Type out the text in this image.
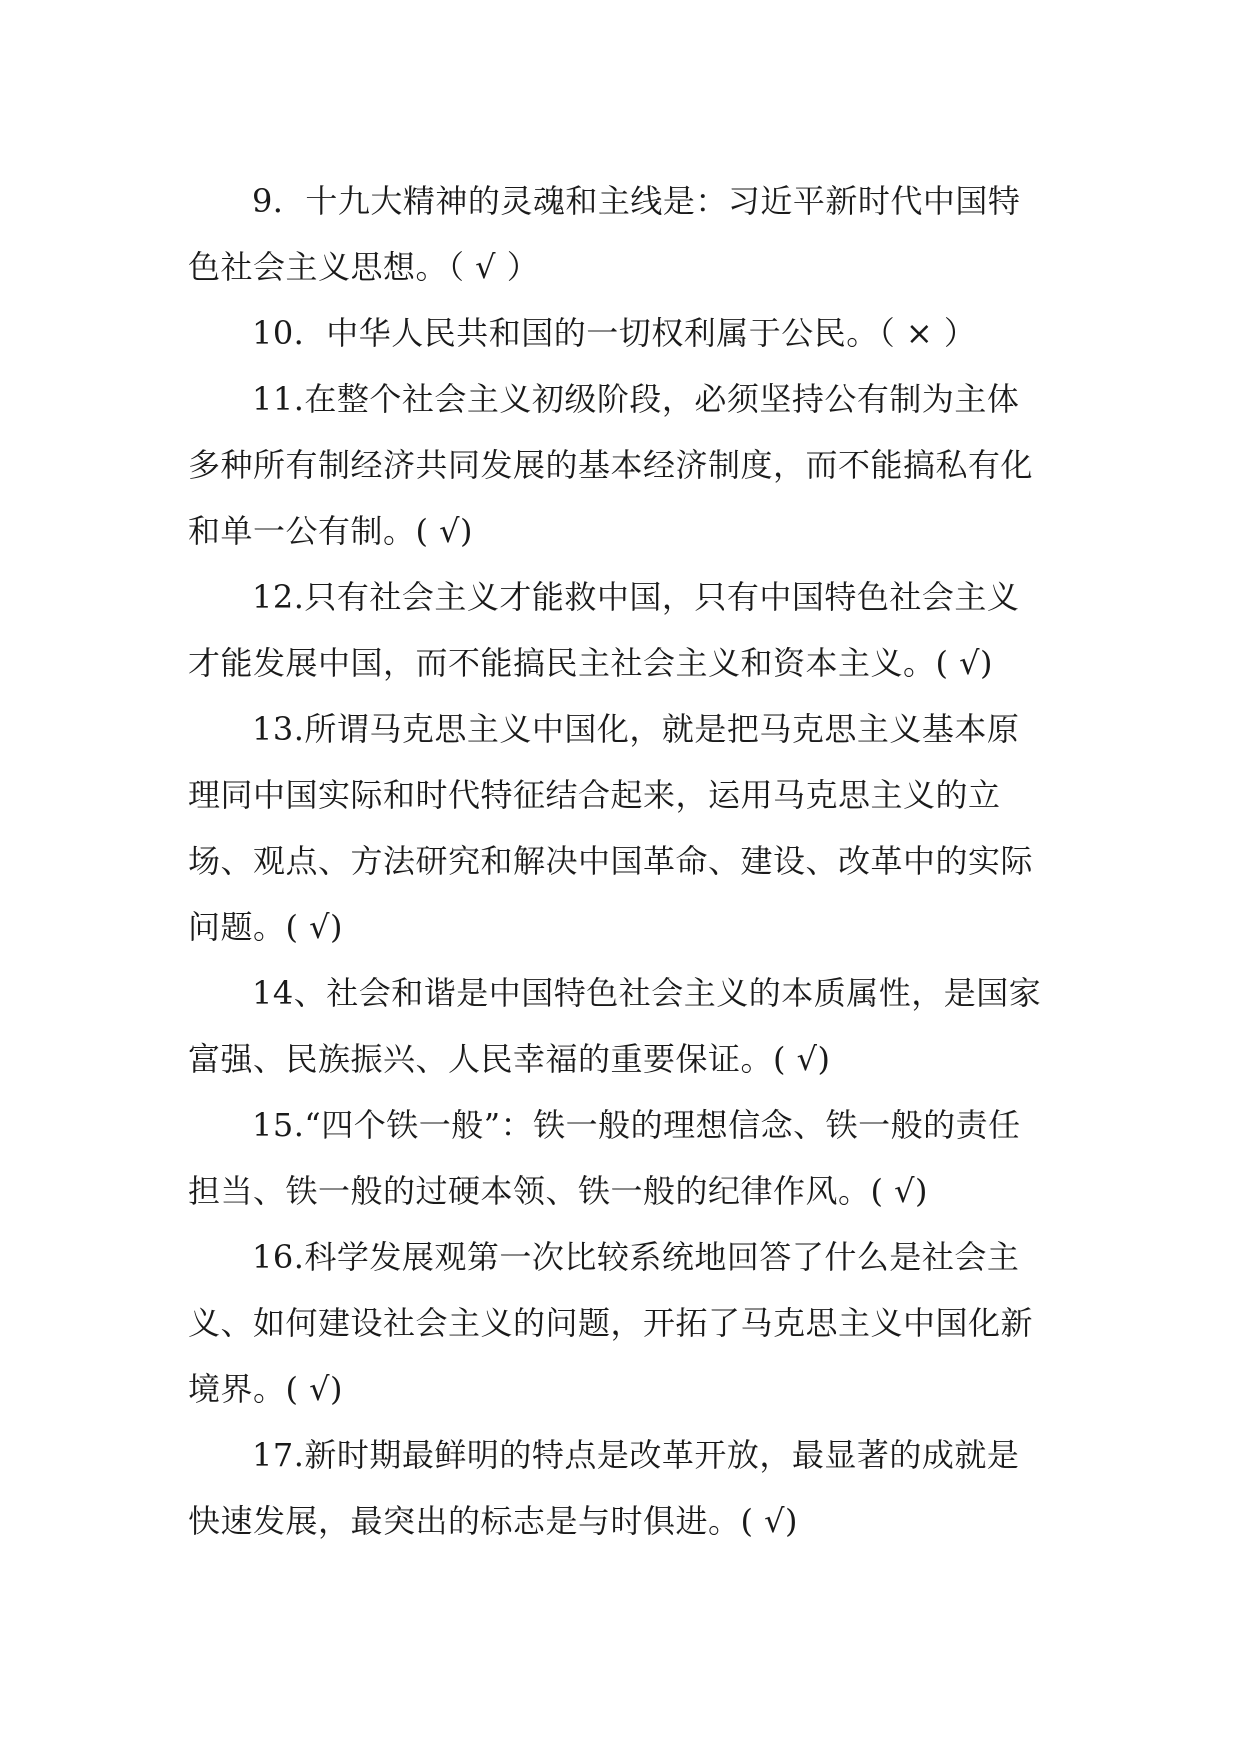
9．十九大精神的灵魂和主线是：习近平新时代中国特色社会主义思想。（ √ ）

10．中华人民共和国的一切权利属于公民。（ × ）

11.在整个社会主义初级阶段，必须坚持公有制为主体多种所有制经济共同发展的基本经济制度，而不能搞私有化和单一公有制。( √)

12.只有社会主义才能救中国，只有中国特色社会主义才能发展中国，而不能搞民主社会主义和资本主义。( √)

13.所谓马克思主义中国化，就是把马克思主义基本原理同中国实际和时代特征结合起来，运用马克思主义的立场、观点、方法研究和解决中国革命、建设、改革中的实际问题。( √)

14、社会和谐是中国特色社会主义的本质属性，是国家富强、民族振兴、人民幸福的重要保证。( √)

15.“四个铁一般”：铁一般的理想信念、铁一般的责任担当、铁一般的过硬本领、铁一般的纪律作风。( √)

16.科学发展观第一次比较系统地回答了什么是社会主义、如何建设社会主义的问题，开拓了马克思主义中国化新境界。( √)

17.新时期最鲜明的特点是改革开放，最显著的成就是快速发展，最突出的标志是与时俱进。( √)
